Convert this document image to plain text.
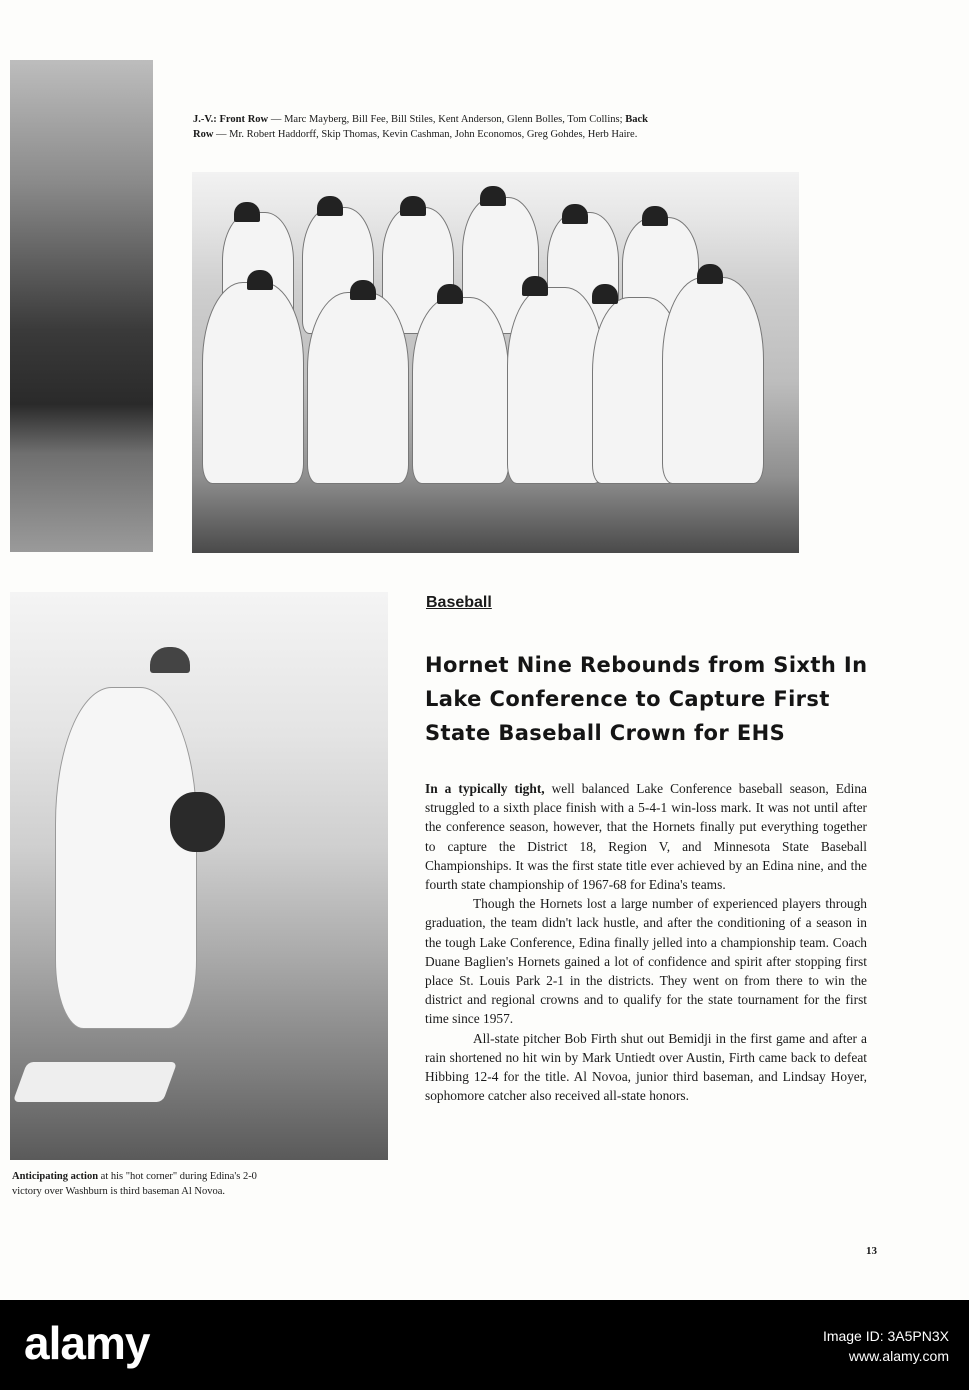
J.-V.: Front Row — Marc Mayberg, Bill Fee, Bill Stiles, Kent Anderson, Glenn Bolles, Tom Collins; Back Row — Mr. Robert Haddorff, Skip Thomas, Kevin Cashman, John Economos, Greg Gohdes, Herb Haire.
Anticipating action at his "hot corner" during Edina's 2-0 victory over Washburn is third baseman Al Novoa.
Baseball
Hornet Nine Rebounds from Sixth In Lake Conference to Capture First State Baseball Crown for EHS

In a typically tight, well balanced Lake Conference baseball season, Edina struggled to a sixth place finish with a 5-4-1 win-loss mark. It was not until after the conference season, however, that the Hornets finally put everything together to capture the District 18, Region V, and Minnesota State Baseball Championships. It was the first state title ever achieved by an Edina nine, and the fourth state championship of 1967-68 for Edina's teams.

Though the Hornets lost a large number of experienced players through graduation, the team didn't lack hustle, and after the conditioning of a season in the tough Lake Conference, Edina finally jelled into a championship team. Coach Duane Baglien's Hornets gained a lot of confidence and spirit after stopping first place St. Louis Park 2-1 in the districts. They went on from there to win the district and regional crowns and to qualify for the state tournament for the first time since 1957.

All-state pitcher Bob Firth shut out Bemidji in the first game and after a rain shortened no hit win by Mark Untiedt over Austin, Firth came back to defeat Hibbing 12-4 for the title. Al Novoa, junior third baseman, and Lindsay Hoyer, sophomore catcher also received all-state honors.

13
alamy	Image ID: 3A5PN3X
www.alamy.com
